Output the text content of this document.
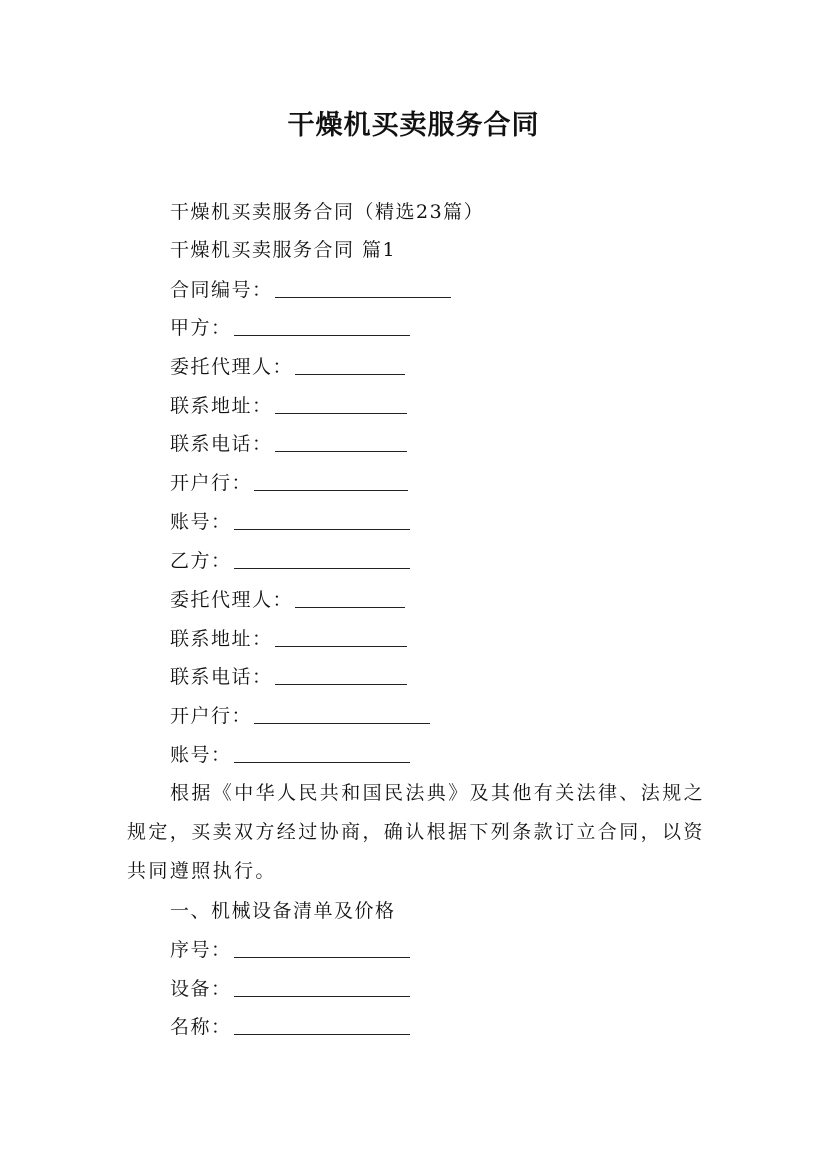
干燥机买卖服务合同
干燥机买卖服务合同（精选23篇）
干燥机买卖服务合同 篇1
合同编号：
甲方：
委托代理人：
联系地址：
联系电话：
开户行：
账号：
乙方：
委托代理人：
联系地址：
联系电话：
开户行：
账号：
根据《中华人民共和国民法典》及其他有关法律、法规之规定，买卖双方经过协商，确认根据下列条款订立合同，以资共同遵照执行。
一、机械设备清单及价格
序号：
设备：
名称：
